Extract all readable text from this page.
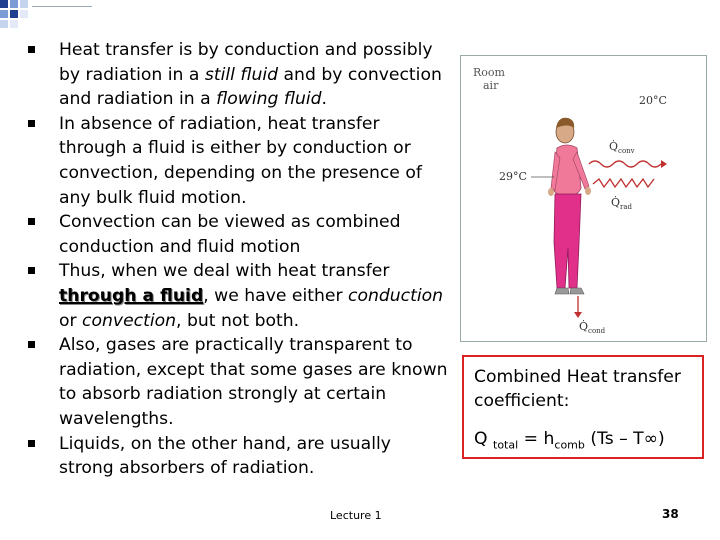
Heat transfer is by conduction and possibly by radiation in a still fluid and by convection and radiation in a flowing fluid.
In absence of radiation, heat transfer through a fluid is either by conduction or convection, depending on the presence of any bulk fluid motion.
Convection can be viewed as combined conduction and fluid motion
Thus, when we deal with heat transfer through a fluid, we have either conduction or convection, but not both.
Also, gases are practically transparent to radiation, except that some gases are known to absorb radiation strongly at certain wavelengths.
Liquids, on the other hand, are usually strong absorbers of radiation.
Room
air
20°C
29°C
$Q̇_{conv}$
$Q̇_{rad}$
$Q̇_{cond}$
Combined Heat transfer
coefficient:
Q $_{total} = h_{comb}$ (Ts – T∞)
Lecture 1	38
